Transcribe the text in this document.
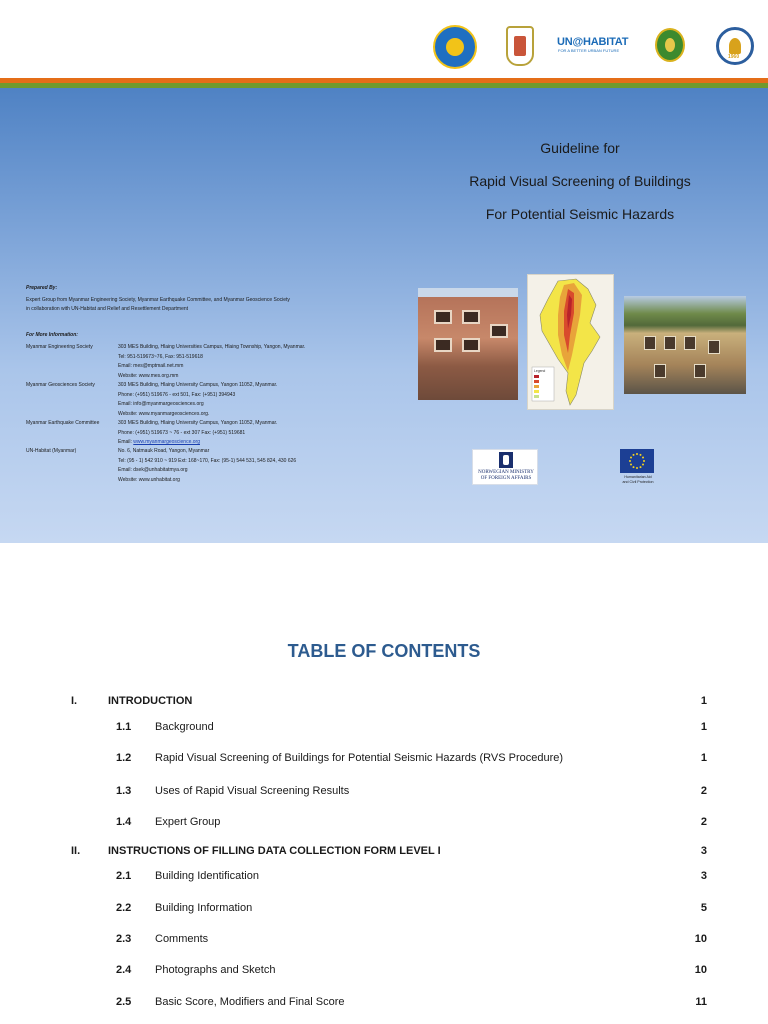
UN@HABITAT
FOR A BETTER URBAN FUTURE
1960
Guideline for
Rapid Visual Screening of Buildings
For Potential Seismic Hazards
Prepared By:
Expert Group from Myanmar Engineering Society, Myanmar Earthquake Committee, and Myanmar Geoscience Society
in collaboration with UN-Habitat and Relief and Resettlement Department
For More Information:
Myanmar Engineering Society	303 MES Building, Hlaing Universities Campus, Hlaing Township, Yangon, Myanmar.
Tel: 951-519673~76, Fax: 951-519618
Email: mes@mptmail.net.mm
Website: www.mes.org.mm
Myanmar Geosciences Society	303 MES Building, Hlaing University Campus, Yangon 11052, Myanmar.
Phone: (+951) 519676 - ext 501, Fax: (+951) 394943
Email: info@myanmargeosciences.org
Website: www.myanmargeosciences.org.
Myanmar Earthquake Committee	303 MES Building, Hlaing University Campus, Yangon 11052, Myanmar.
Phone: (+951) 519673 ~ 76 - ext 307 Fax: (+951) 519681
Email: www.myanmargeoscience.org
UN-Habitat (Myanmar)	No. 6, Natmauk Road, Yangon, Myanmar
Tel: (95 - 1) 542 910 ~ 919 Ext: 168~170, Fax: (95-1) 544 531, 545 824, 430 626
Email: dsek@unhabitatmya.org
Website: www.unhabitat.org
Legend
NORWEGIAN MINISTRY
OF FOREIGN AFFAIRS	Humanitarian Aid
and Civil Protection
TABLE OF CONTENTS
I.	INTRODUCTION	1
1.1 Background	1
1.2 Rapid Visual Screening of Buildings for Potential Seismic Hazards (RVS Procedure)	1
1.3 Uses of Rapid Visual Screening Results	2
1.4 Expert Group	2
II.	INSTRUCTIONS OF FILLING DATA COLLECTION FORM LEVEL I	3
2.1 Building Identification	3
2.2 Building Information	5
2.3 Comments	10
2.4 Photographs and Sketch	10
2.5 Basic Score, Modifiers and Final Score	11
